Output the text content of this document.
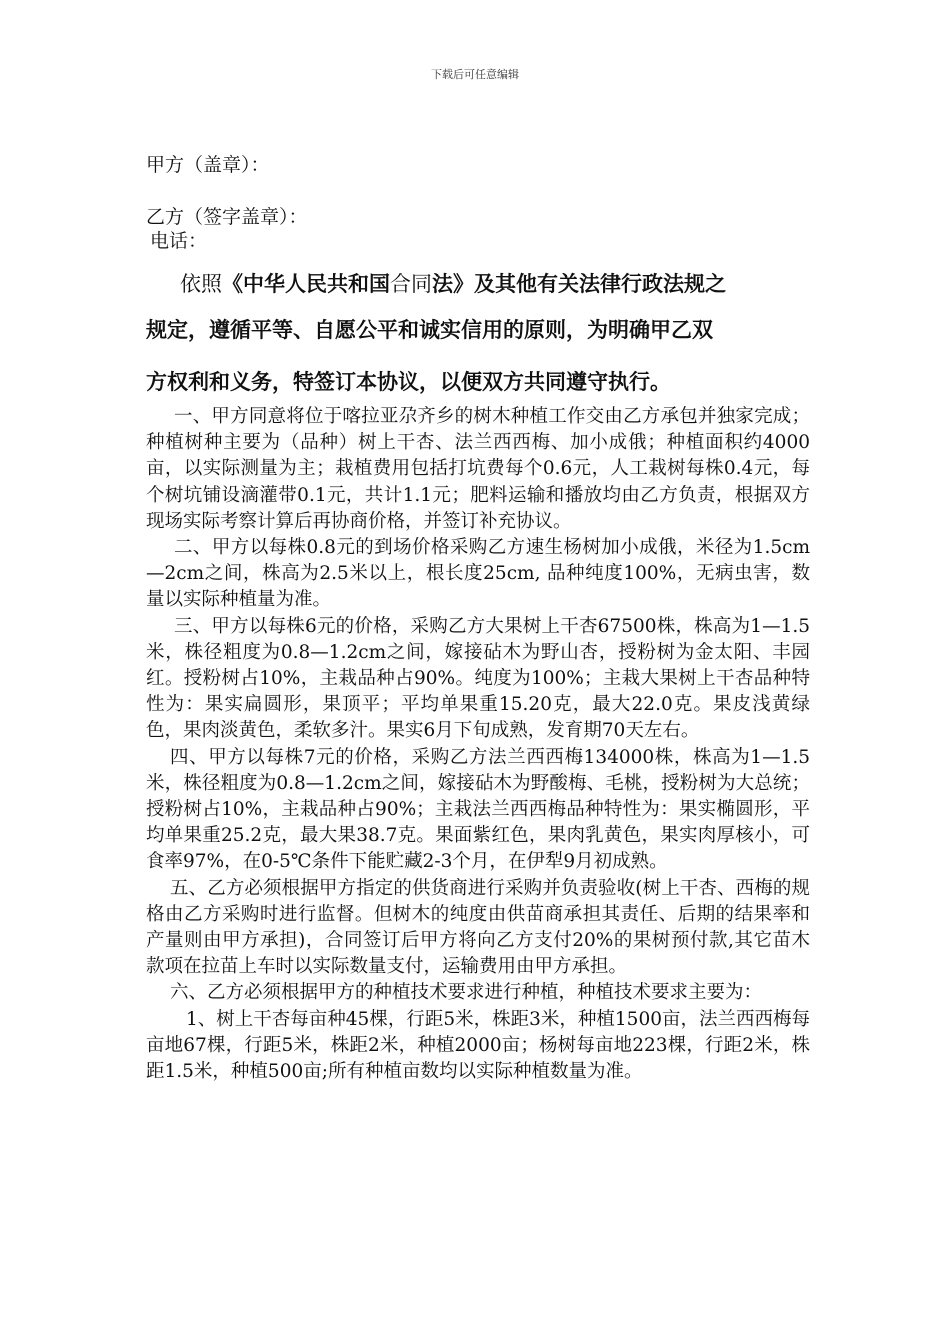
下载后可任意编辑
甲方（盖章）：
乙方（签字盖章）：
电话：
依照《中华人民共和国合同法》及其他有关法律行政法规之
规定，遵循平等、自愿公平和诚实信用的原则，为明确甲乙双
方权利和义务，特签订本协议，以便双方共同遵守执行。

一、甲方同意将位于喀拉亚尕齐乡的树木种植工作交由乙方承包并独家完成；种植树种主要为（品种）树上干杏、法兰西西梅、加小成俄；种植面积约4000亩，以实际测量为主；栽植费用包括打坑费每个0.6元，人工栽树每株0.4元，每个树坑铺设滴灌带0.1元，共计1.1元；肥料运输和播放均由乙方负责，根据双方现场实际考察计算后再协商价格，并签订补充协议。

二、甲方以每株0.8元的到场价格采购乙方速生杨树加小成俄，米径为1.5cm—2cm之间，株高为2.5米以上，根长度25cm, 品种纯度100%，无病虫害，数量以实际种植量为准。

三、甲方以每株6元的价格，采购乙方大果树上干杏67500株，株高为1—1.5米，株径粗度为0.8—1.2cm之间，嫁接砧木为野山杏，授粉树为金太阳、丰园红。授粉树占10%，主栽品种占90%。纯度为100%；主栽大果树上干杏品种特性为：果实扁圆形，果顶平；平均单果重15.20克，最大22.0克。果皮浅黄绿色，果肉淡黄色，柔软多汁。果实6月下旬成熟，发育期70天左右。

四、甲方以每株7元的价格，采购乙方法兰西西梅134000株，株高为1—1.5米，株径粗度为0.8—1.2cm之间，嫁接砧木为野酸梅、毛桃，授粉树为大总统；授粉树占10%，主栽品种占90%；主栽法兰西西梅品种特性为：果实椭圆形，平均单果重25.2克，最大果38.7克。果面紫红色，果肉乳黄色，果实肉厚核小，可食率97%，在0-5℃条件下能贮藏2-3个月，在伊犁9月初成熟。

五、乙方必须根据甲方指定的供货商进行采购并负责验收(树上干杏、西梅的规格由乙方采购时进行监督。但树木的纯度由供苗商承担其责任、后期的结果率和产量则由甲方承担)，合同签订后甲方将向乙方支付20%的果树预付款,其它苗木款项在拉苗上车时以实际数量支付，运输费用由甲方承担。

六、乙方必须根据甲方的种植技术要求进行种植，种植技术要求主要为：

1、树上干杏每亩种45棵，行距5米，株距3米，种植1500亩，法兰西西梅每亩地67棵，行距5米，株距2米，种植2000亩；杨树每亩地223棵，行距2米，株距1.5米，种植500亩;所有种植亩数均以实际种植数量为准。
